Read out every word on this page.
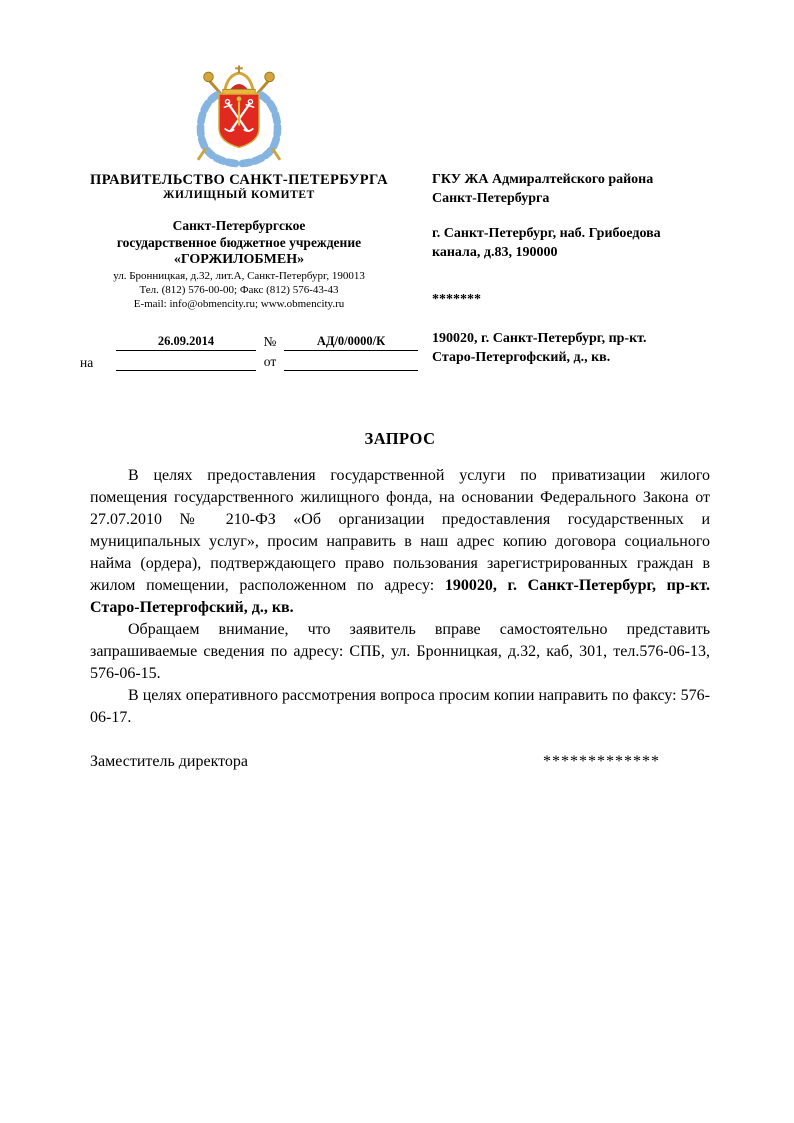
ПРАВИТЕЛЬСТВО САНКТ-ПЕТЕРБУРГА
ЖИЛИЩНЫЙ КОМИТЕТ
Санкт-Петербургское
государственное бюджетное учреждение
«ГОРЖИЛОБМЕН»
ул. Бронницкая, д.32, лит.А, Санкт-Петербург, 190013
Тел. (812) 576-00-00; Факс (812) 576-43-43
E-mail: info@obmencity.ru; www.obmencity.ru
26.09.2014	№	АД/0/0000/К
на	от
ГКУ ЖА Адмиралтейского района
Санкт-Петербурга
г. Санкт-Петербург, наб. Грибоедова
канала, д.83, 190000
*******
190020, г. Санкт-Петербург, пр-кт.
Старо-Петергофский, д., кв.
ЗАПРОС

В целях предоставления государственной услуги по приватизации жилого помещения государственного жилищного фонда, на основании Федерального Закона от 27.07.2010 № 210-ФЗ «Об организации предоставления государственных и муниципальных услуг», просим направить в наш адрес копию договора социального найма (ордера), подтверждающего право пользования зарегистрированных граждан в жилом помещении, расположенном по адресу: 190020, г. Санкт-Петербург, пр-кт. Старо-Петергофский, д., кв.

Обращаем внимание, что заявитель вправе самостоятельно представить запрашиваемые сведения по адресу: СПБ, ул. Бронницкая, д.32, каб, 301, тел.576-06-13, 576-06-15.

В целях оперативного рассмотрения вопроса просим копии направить по факсу: 576-06-17.

Заместитель директора	*************
